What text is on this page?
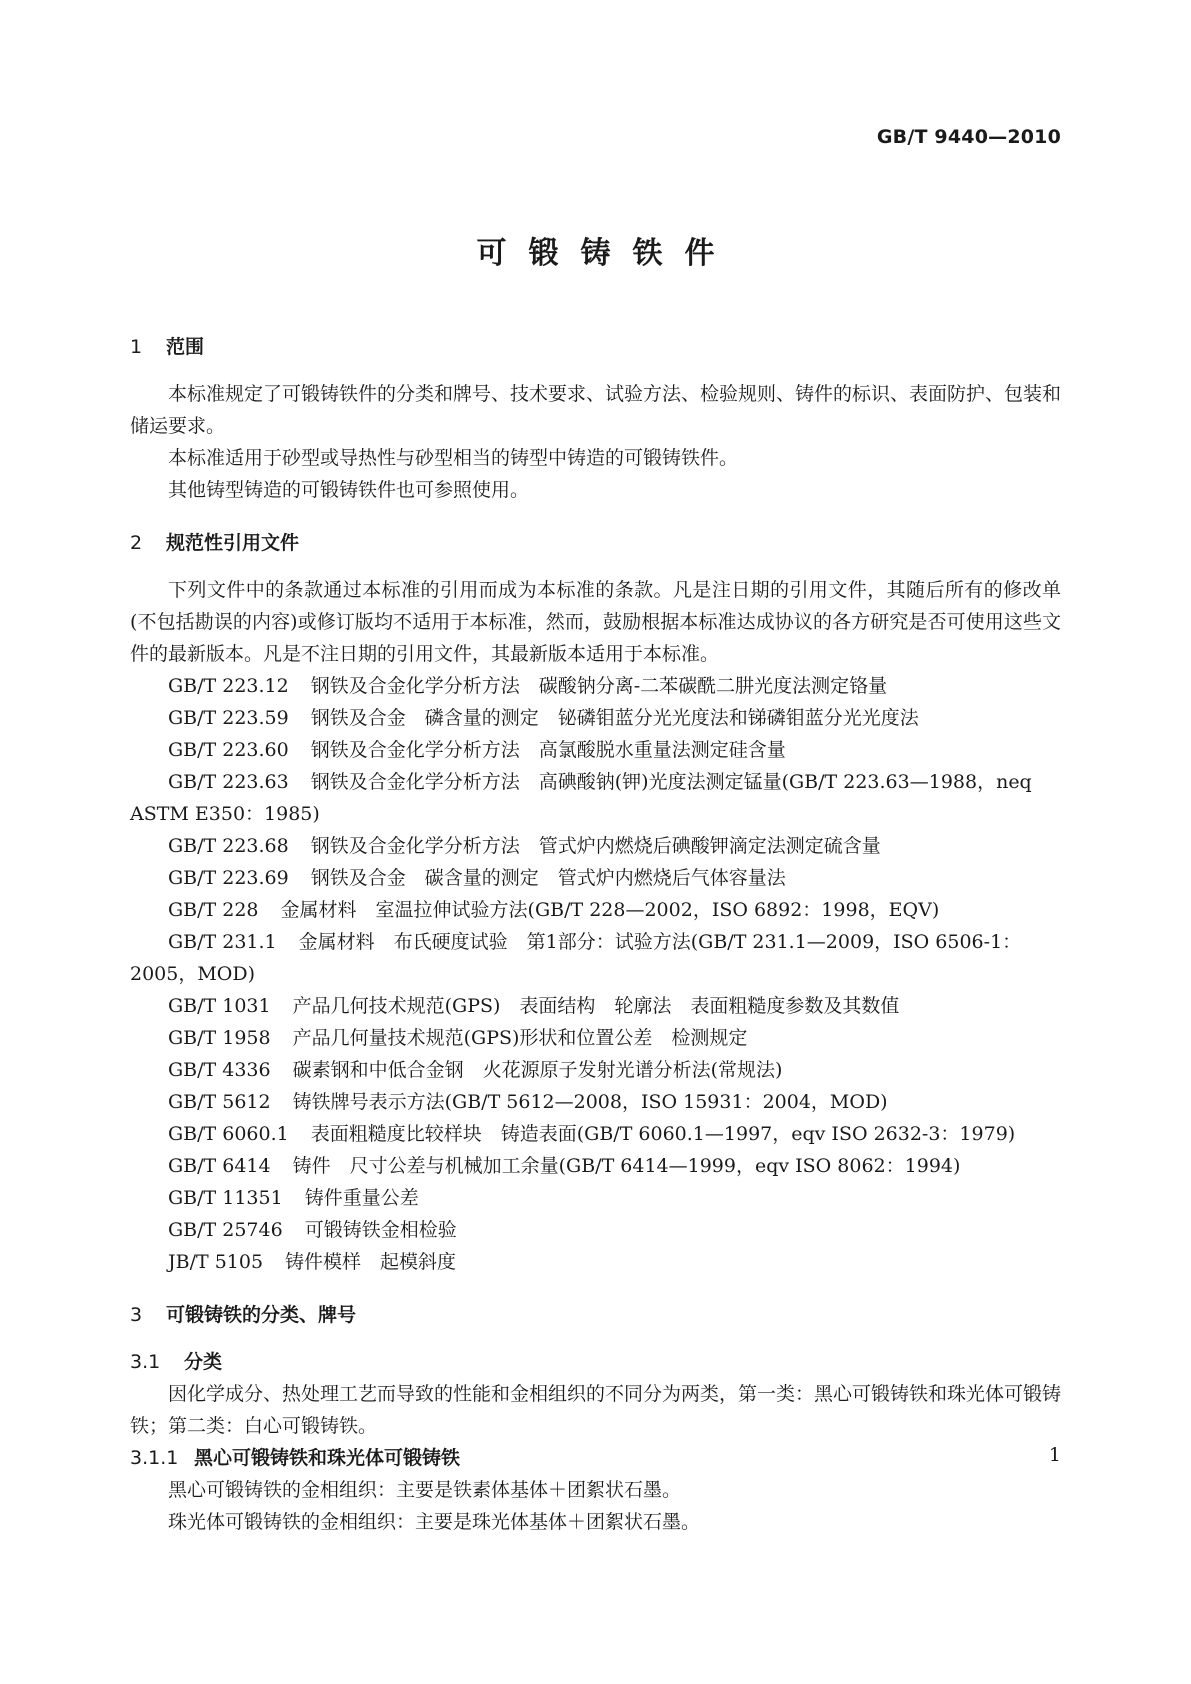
GB/T 9440—2010
可锻铸铁件
1 范围

本标准规定了可锻铸铁件的分类和牌号、技术要求、试验方法、检验规则、铸件的标识、表面防护、包装和储运要求。

本标准适用于砂型或导热性与砂型相当的铸型中铸造的可锻铸铁件。

其他铸型铸造的可锻铸铁件也可参照使用。

2 规范性引用文件

下列文件中的条款通过本标准的引用而成为本标准的条款。凡是注日期的引用文件，其随后所有的修改单(不包括勘误的内容)或修订版均不适用于本标准，然而，鼓励根据本标准达成协议的各方研究是否可使用这些文件的最新版本。凡是不注日期的引用文件，其最新版本适用于本标准。

GB/T 223.12 钢铁及合金化学分析方法　碳酸钠分离-二苯碳酰二肼光度法测定铬量

GB/T 223.59 钢铁及合金　磷含量的测定　铋磷钼蓝分光光度法和锑磷钼蓝分光光度法

GB/T 223.60 钢铁及合金化学分析方法　高氯酸脱水重量法测定硅含量

GB/T 223.63 钢铁及合金化学分析方法　高碘酸钠(钾)光度法测定锰量(GB/T 223.63—1988，neq ASTM E350：1985)

GB/T 223.68 钢铁及合金化学分析方法　管式炉内燃烧后碘酸钾滴定法测定硫含量

GB/T 223.69 钢铁及合金　碳含量的测定　管式炉内燃烧后气体容量法

GB/T 228 金属材料　室温拉伸试验方法(GB/T 228—2002，ISO 6892：1998，EQV)

GB/T 231.1 金属材料　布氏硬度试验　第1部分：试验方法(GB/T 231.1—2009，ISO 6506-1：2005，MOD)

GB/T 1031 产品几何技术规范(GPS)　表面结构　轮廓法　表面粗糙度参数及其数值

GB/T 1958 产品几何量技术规范(GPS)形状和位置公差　检测规定

GB/T 4336 碳素钢和中低合金钢　火花源原子发射光谱分析法(常规法)

GB/T 5612 铸铁牌号表示方法(GB/T 5612—2008，ISO 15931：2004，MOD)

GB/T 6060.1 表面粗糙度比较样块　铸造表面(GB/T 6060.1—1997，eqv ISO 2632-3：1979)

GB/T 6414 铸件　尺寸公差与机械加工余量(GB/T 6414—1999，eqv ISO 8062：1994)

GB/T 11351 铸件重量公差

GB/T 25746 可锻铸铁金相检验

JB/T 5105 铸件模样　起模斜度

3 可锻铸铁的分类、牌号
3.1 分类

因化学成分、热处理工艺而导致的性能和金相组织的不同分为两类，第一类：黑心可锻铸铁和珠光体可锻铸铁；第二类：白心可锻铸铁。

3.1.1 黑心可锻铸铁和珠光体可锻铸铁

黑心可锻铸铁的金相组织：主要是铁素体基体＋团絮状石墨。

珠光体可锻铸铁的金相组织：主要是珠光体基体＋团絮状石墨。

1
